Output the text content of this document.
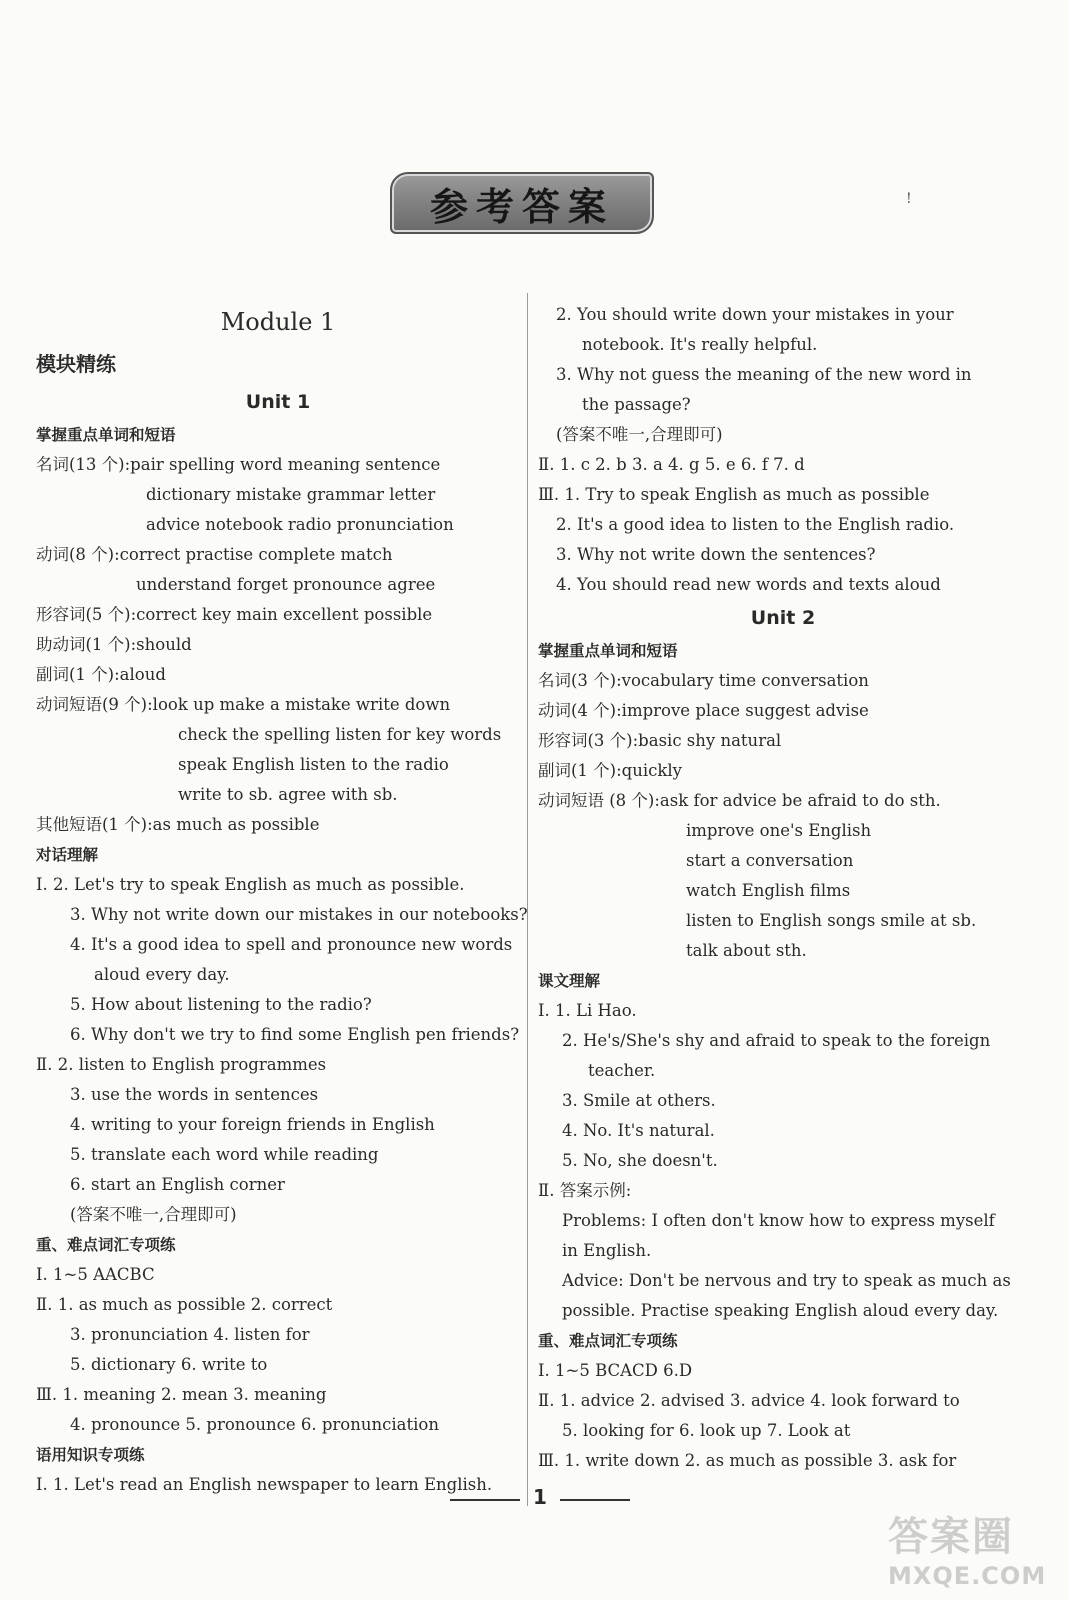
参考答案	!
Module 1
模块精练
Unit 1
掌握重点单词和短语
名词(13 个):pair spelling word meaning sentence
dictionary mistake grammar letter
advice notebook radio pronunciation
动词(8 个):correct practise complete match
understand forget pronounce agree
形容词(5 个):correct key main excellent possible
助动词(1 个):should
副词(1 个):aloud
动词短语(9 个):look up make a mistake write down
check the spelling listen for key words
speak English listen to the radio
write to sb. agree with sb.
其他短语(1 个):as much as possible
对话理解
Ⅰ. 2. Let's try to speak English as much as possible.
3. Why not write down our mistakes in our notebooks?
4. It's a good idea to spell and pronounce new words
aloud every day.
5. How about listening to the radio?
6. Why don't we try to find some English pen friends?
Ⅱ. 2. listen to English programmes
3. use the words in sentences
4. writing to your foreign friends in English
5. translate each word while reading
6. start an English corner
(答案不唯一,合理即可)
重、难点词汇专项练
Ⅰ. 1~5 AACBC
Ⅱ. 1. as much as possible 2. correct
3. pronunciation 4. listen for
5. dictionary 6. write to
Ⅲ. 1. meaning 2. mean 3. meaning
4. pronounce 5. pronounce 6. pronunciation
语用知识专项练
Ⅰ. 1. Let's read an English newspaper to learn English.
2. You should write down your mistakes in your
notebook. It's really helpful.
3. Why not guess the meaning of the new word in
the passage?
(答案不唯一,合理即可)
Ⅱ. 1. c 2. b 3. a 4. g 5. e 6. f 7. d
Ⅲ. 1. Try to speak English as much as possible
2. It's a good idea to listen to the English radio.
3. Why not write down the sentences?
4. You should read new words and texts aloud
Unit 2
掌握重点单词和短语
名词(3 个):vocabulary time conversation
动词(4 个):improve place suggest advise
形容词(3 个):basic shy natural
副词(1 个):quickly
动词短语 (8 个):ask for advice be afraid to do sth.
improve one's English
start a conversation
watch English films
listen to English songs smile at sb.
talk about sth.
课文理解
Ⅰ. 1. Li Hao.
2. He's/She's shy and afraid to speak to the foreign
teacher.
3. Smile at others.
4. No. It's natural.
5. No, she doesn't.
Ⅱ. 答案示例:
Problems: I often don't know how to express myself
in English.
Advice: Don't be nervous and try to speak as much as
possible. Practise speaking English aloud every day.
重、难点词汇专项练
Ⅰ. 1~5 BCACD 6.D
Ⅱ. 1. advice 2. advised 3. advice 4. look forward to
5. looking for 6. look up 7. Look at
Ⅲ. 1. write down 2. as much as possible 3. ask for
1
答案圈
MXQE.COM
